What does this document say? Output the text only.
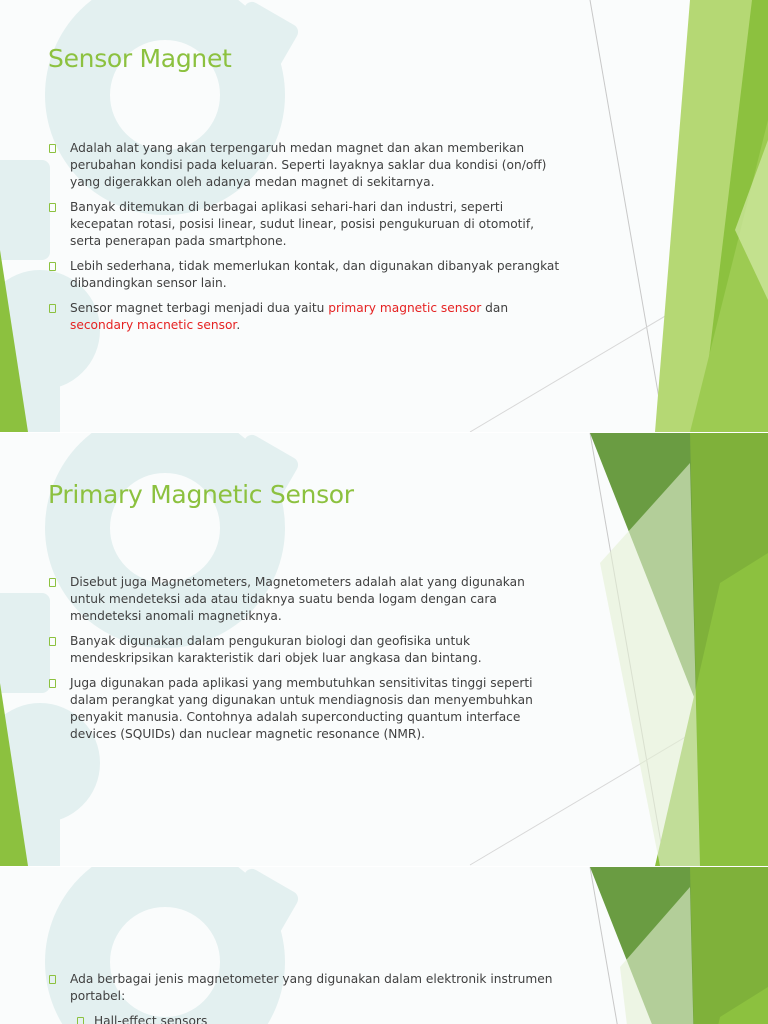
Sensor Magnet
Adalah alat yang akan terpengaruh medan magnet dan akan memberikan perubahan kondisi pada keluaran. Seperti layaknya saklar dua kondisi (on/off) yang digerakkan oleh adanya medan magnet di sekitarnya.
Banyak ditemukan di berbagai aplikasi sehari-hari dan industri, seperti kecepatan rotasi, posisi linear, sudut linear, posisi pengukuruan di otomotif, serta penerapan pada smartphone.
Lebih sederhana, tidak memerlukan kontak, dan digunakan dibanyak perangkat dibandingkan sensor lain.
Sensor magnet terbagi menjadi dua yaitu primary magnetic sensor dan secondary macnetic sensor.
Primary Magnetic Sensor
Disebut juga Magnetometers, Magnetometers adalah alat yang digunakan untuk mendeteksi ada atau tidaknya suatu benda logam dengan cara mendeteksi anomali magnetiknya.
Banyak digunakan dalam pengukuran biologi dan geofisika untuk mendeskripsikan karakteristik dari objek luar angkasa dan bintang.
Juga digunakan pada aplikasi yang membutuhkan sensitivitas tinggi seperti dalam perangkat yang digunakan untuk mendiagnosis dan menyembuhkan penyakit manusia. Contohnya adalah superconducting quantum interface devices (SQUIDs) dan nuclear magnetic resonance (NMR).
Ada berbagai jenis magnetometer yang digunakan dalam elektronik instrumen portabel:
Hall-effect sensors
